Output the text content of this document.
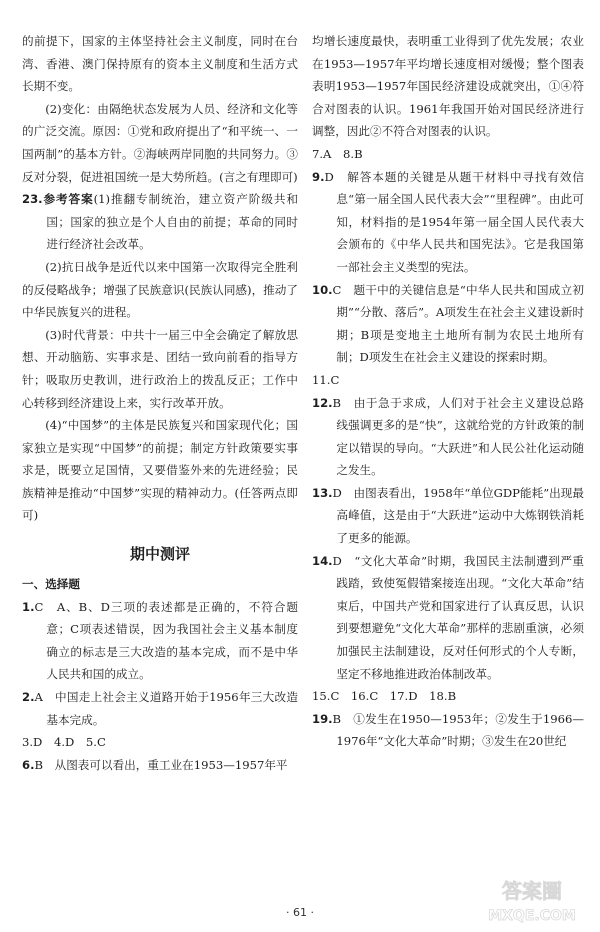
的前提下，国家的主体坚持社会主义制度，同时在台湾、香港、澳门保持原有的资本主义制度和生活方式长期不变。

(2)变化：由隔绝状态发展为人员、经济和文化等的广泛交流。原因：①党和政府提出了“和平统一、一国两制”的基本方针。②海峡两岸同胞的共同努力。③反对分裂，促进祖国统一是大势所趋。(言之有理即可)

23.参考答案(1)推翻专制统治，建立资产阶级共和国；国家的独立是个人自由的前提；革命的同时进行经济社会改革。

(2)抗日战争是近代以来中国第一次取得完全胜利的反侵略战争；增强了民族意识(民族认同感)，推动了中华民族复兴的进程。

(3)时代背景：中共十一届三中全会确定了解放思想、开动脑筋、实事求是、团结一致向前看的指导方针；吸取历史教训，进行政治上的拨乱反正；工作中心转移到经济建设上来，实行改革开放。

(4)“中国梦”的主体是民族复兴和国家现代化；国家独立是实现“中国梦”的前提；制定方针政策要实事求是，既要立足国情，又要借鉴外来的先进经验；民族精神是推动“中国梦”实现的精神动力。(任答两点即可)

期中测评

一、选择题

1.C　A、B、D三项的表述都是正确的，不符合题意；C项表述错误，因为我国社会主义基本制度确立的标志是三大改造的基本完成，而不是中华人民共和国的成立。

2.A　中国走上社会主义道路开始于1956年三大改造基本完成。

3.D　4.D　5.C

6.B　从图表可以看出，重工业在1953—1957年平

均增长速度最快，表明重工业得到了优先发展；农业在1953—1957年平均增长速度相对缓慢；整个图表表明1953—1957年国民经济建设成就突出，①④符合对图表的认识。1961年我国开始对国民经济进行调整，因此②不符合对图表的认识。

7.A　8.B

9.D　解答本题的关键是从题干材料中寻找有效信息“第一届全国人民代表大会”“里程碑”。由此可知，材料指的是1954年第一届全国人民代表大会颁布的《中华人民共和国宪法》。它是我国第一部社会主义类型的宪法。

10.C　题干中的关键信息是“中华人民共和国成立初期”“分散、落后”。A项发生在社会主义建设新时期；B项是变地主土地所有制为农民土地所有制；D项发生在社会主义建设的探索时期。

11.C

12.B　由于急于求成，人们对于社会主义建设总路线强调更多的是“快”，这就给党的方针政策的制定以错误的导向。“大跃进”和人民公社化运动随之发生。

13.D　由图表看出，1958年“单位GDP能耗”出现最高峰值，这是由于“大跃进”运动中大炼钢铁消耗了更多的能源。

14.D　“文化大革命”时期，我国民主法制遭到严重践踏，致使冤假错案接连出现。“文化大革命”结束后，中国共产党和国家进行了认真反思，认识到要想避免“文化大革命”那样的悲剧重演，必须加强民主法制建设，反对任何形式的个人专断，坚定不移地推进政治体制改革。

15.C　16.C　17.D　18.B

19.B　①发生在1950—1953年；②发生于1966—1976年“文化大革命”时期；③发生在20世纪

· 61 ·
答案圈
MXQE.COM
